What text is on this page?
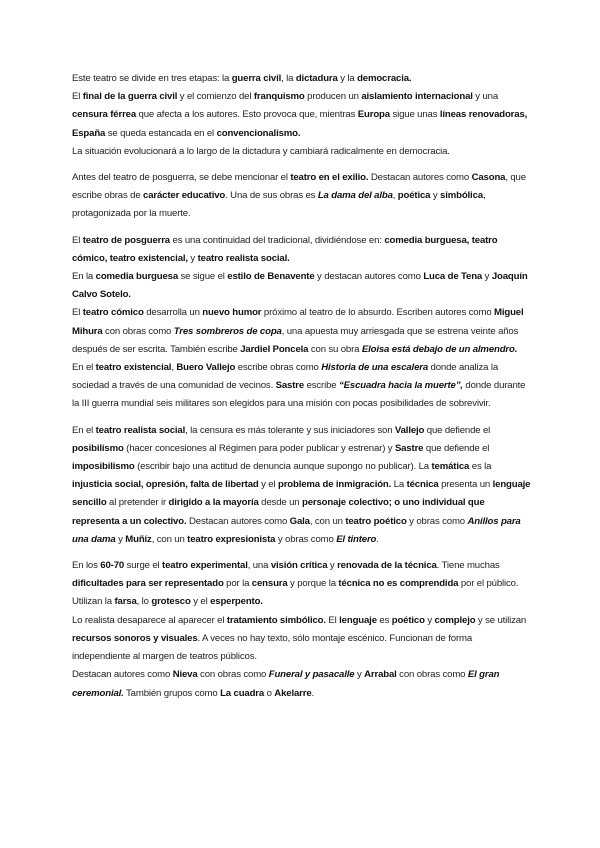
Este teatro se divide en tres etapas: la guerra civil, la dictadura y la democracia.
El final de la guerra civil y el comienzo del franquismo producen un aislamiento internacional y una censura férrea que afecta a los autores. Esto provoca que, mientras Europa sigue unas líneas renovadoras, España se queda estancada en el convencionalismo.
La situación evolucionará a lo largo de la dictadura y cambiará radicalmente en democracia.
Antes del teatro de posguerra, se debe mencionar el teatro en el exilio. Destacan autores como Casona, que escribe obras de carácter educativo. Una de sus obras es La dama del alba, poética y simbólica, protagonizada por la muerte.
El teatro de posguerra es una continuidad del tradicional, dividiéndose en: comedia burguesa, teatro cómico, teatro existencial, y teatro realista social.
En la comedia burguesa se sigue el estilo de Benavente y destacan autores como Luca de Tena y Joaquín Calvo Sotelo.
El teatro cómico desarrolla un nuevo humor próximo al teatro de lo absurdo. Escriben autores como Miguel Mihura con obras como Tres sombreros de copa, una apuesta muy arriesgada que se estrena veinte años después de ser escrita. También escribe Jardiel Poncela con su obra Eloisa está debajo de un almendro.
En el teatro existencial, Buero Vallejo escribe obras como Historia de una escalera donde analiza la sociedad a través de una comunidad de vecinos. Sastre escribe “Escuadra hacia la muerte”, donde durante la III guerra mundial seis militares son elegidos para una misión con pocas posibilidades de sobrevivir.
En el teatro realista social, la censura es más tolerante y sus iniciadores son Vallejo que defiende el posibilismo (hacer concesiones al Régimen para poder publicar y estrenar) y Sastre que defiende el imposibilismo (escribir bajo una actitud de denuncia aunque supongo no publicar). La temática es la injusticia social, opresión, falta de libertad y el problema de inmigración. La técnica presenta un lenguaje sencillo al pretender ir dirigido a la mayoría desde un personaje colectivo; o uno individual que representa a un colectivo. Destacan autores como Gala, con un teatro poético y obras como Anillos para una dama y Muñíz, con un teatro expresionista y obras como El tintero.
En los 60-70 surge el teatro experimental, una visión crítica y renovada de la técnica. Tiene muchas dificultades para ser representado por la censura y porque la técnica no es comprendida por el público. Utilizan la farsa, lo grotesco y el esperpento.
Lo realista desaparece al aparecer el tratamiento simbólico. El lenguaje es poético y complejo y se utilizan recursos sonoros y visuales. A veces no hay texto, sólo montaje escénico. Funcionan de forma independiente al margen de teatros públicos.
Destacan autores como Nieva con obras como Funeral y pasacalle y Arrabal con obras como El gran ceremonial. También grupos como La cuadra o Akelarre.
